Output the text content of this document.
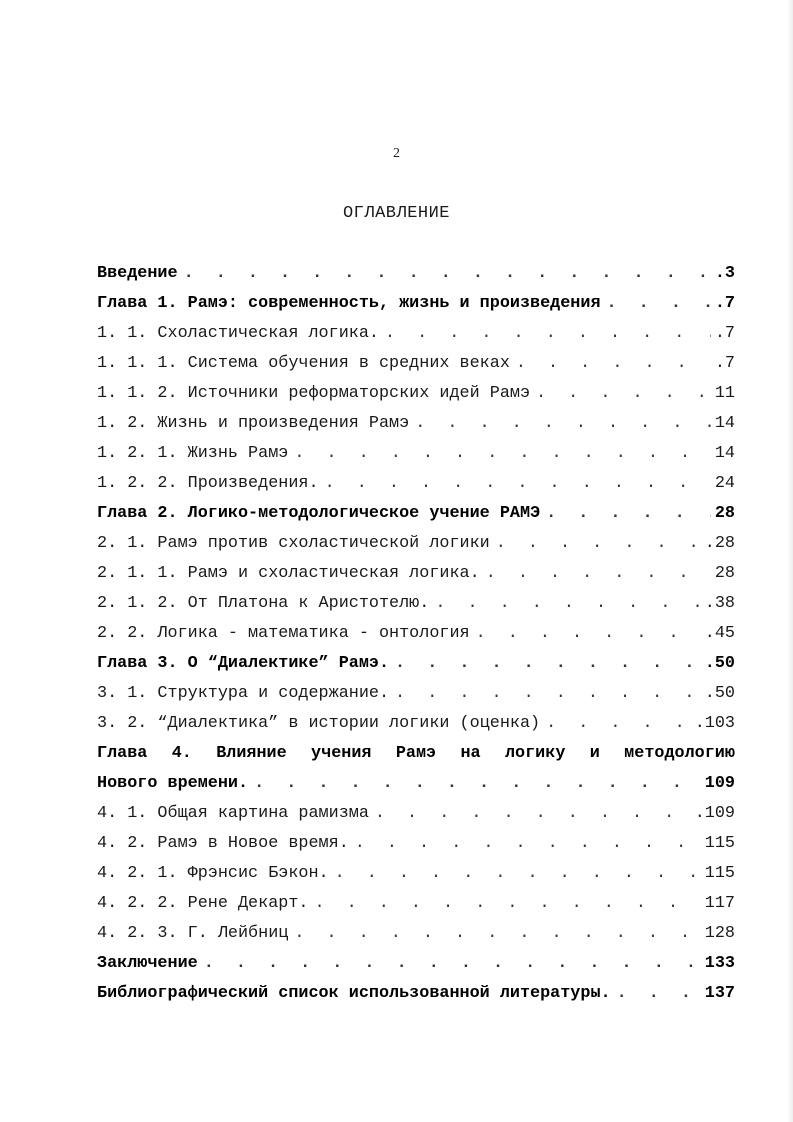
2
ОГЛАВЛЕНИЕ
Введение . . .	.3
Глава 1. Рамэ: современность, жизнь и произведения . . .	.7
1. 1. Схоластическая логика. . . .	.7
1. 1. 1. Система обучения в средних веках . . .	.7
1. 1. 2. Источники реформаторских идей Рамэ . . .	11
1. 2. Жизнь и произведения Рамэ . . .	14
1. 2. 1. Жизнь Рамэ . . .	14
1. 2. 2. Произведения. . . .	24
Глава 2. Логико-методологическое учение РАМЭ . . .	28
2. 1. Рамэ против схоластической логики . . .	.28
2. 1. 1. Рамэ и схоластическая логика. . . .	28
2. 1. 2. От Платона к Аристотелю. . . .	.38
2. 2. Логика - математика - онтология . . .	.45
Глава 3. О “Диалектике” Рамэ. . . .	.50
3. 1. Структура и содержание. . . .	.50
3. 2. “Диалектика” в истории логики (оценка) . . .	.103
Глава 4. Влияние учения Рамэ на логику и методологию
Нового времени. . . .	109
4. 1. Общая картина рамизма . . .	.109
4. 2. Рамэ в Новое время. . . .	115
4. 2. 1. Фрэнсис Бэкон. . . .	115
4. 2. 2. Рене Декарт. . . .	117
4. 2. 3. Г. Лейбниц . . .	128
Заключение . . .	133
Библиографический список использованной литературы. . . .	137
